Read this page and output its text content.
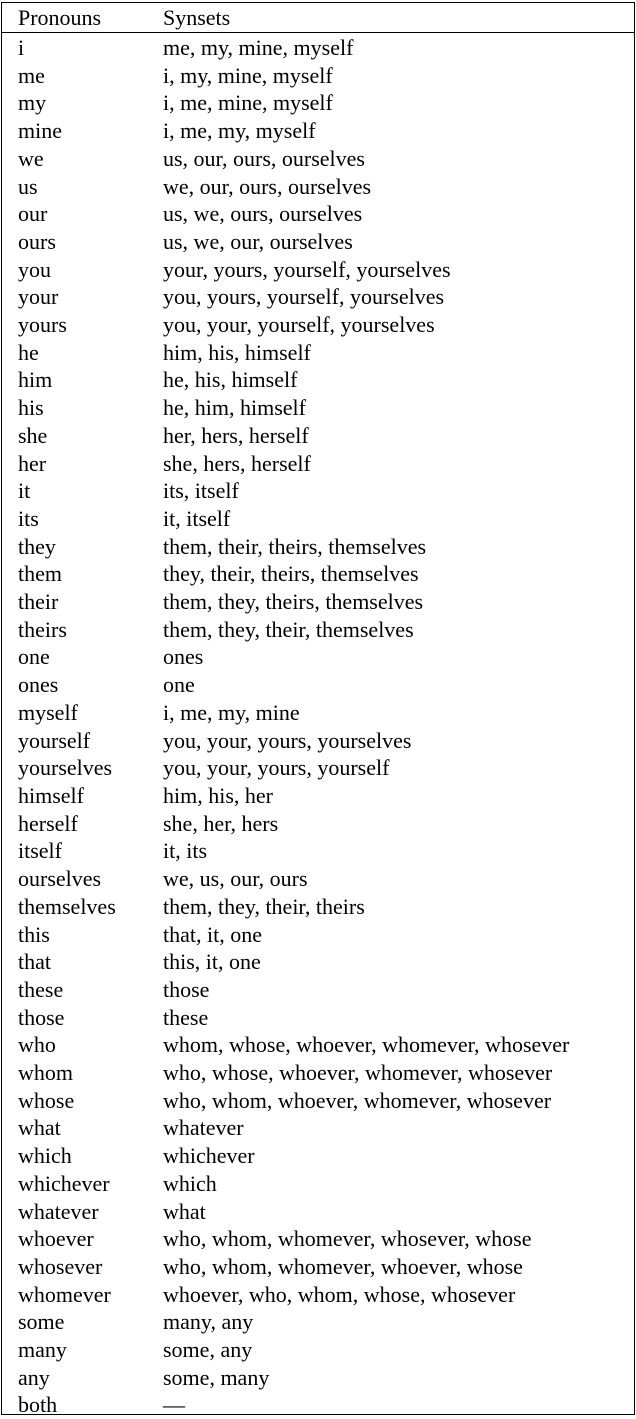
Pronouns	Synsets
i	me, my, mine, myself
me	i, my, mine, myself
my	i, me, mine, myself
mine	i, me, my, myself
we	us, our, ours, ourselves
us	we, our, ours, ourselves
our	us, we, ours, ourselves
ours	us, we, our, ourselves
you	your, yours, yourself, yourselves
your	you, yours, yourself, yourselves
yours	you, your, yourself, yourselves
he	him, his, himself
him	he, his, himself
his	he, him, himself
she	her, hers, herself
her	she, hers, herself
it	its, itself
its	it, itself
they	them, their, theirs, themselves
them	they, their, theirs, themselves
their	them, they, theirs, themselves
theirs	them, they, their, themselves
one	ones
ones	one
myself	i, me, my, mine
yourself	you, your, yours, yourselves
yourselves	you, your, yours, yourself
himself	him, his, her
herself	she, her, hers
itself	it, its
ourselves	we, us, our, ours
themselves	them, they, their, theirs
this	that, it, one
that	this, it, one
these	those
those	these
who	whom, whose, whoever, whomever, whosever
whom	who, whose, whoever, whomever, whosever
whose	who, whom, whoever, whomever, whosever
what	whatever
which	whichever
whichever	which
whatever	what
whoever	who, whom, whomever, whosever, whose
whosever	who, whom, whomever, whoever, whose
whomever	whoever, who, whom, whose, whosever
some	many, any
many	some, any
any	some, many
both	—
